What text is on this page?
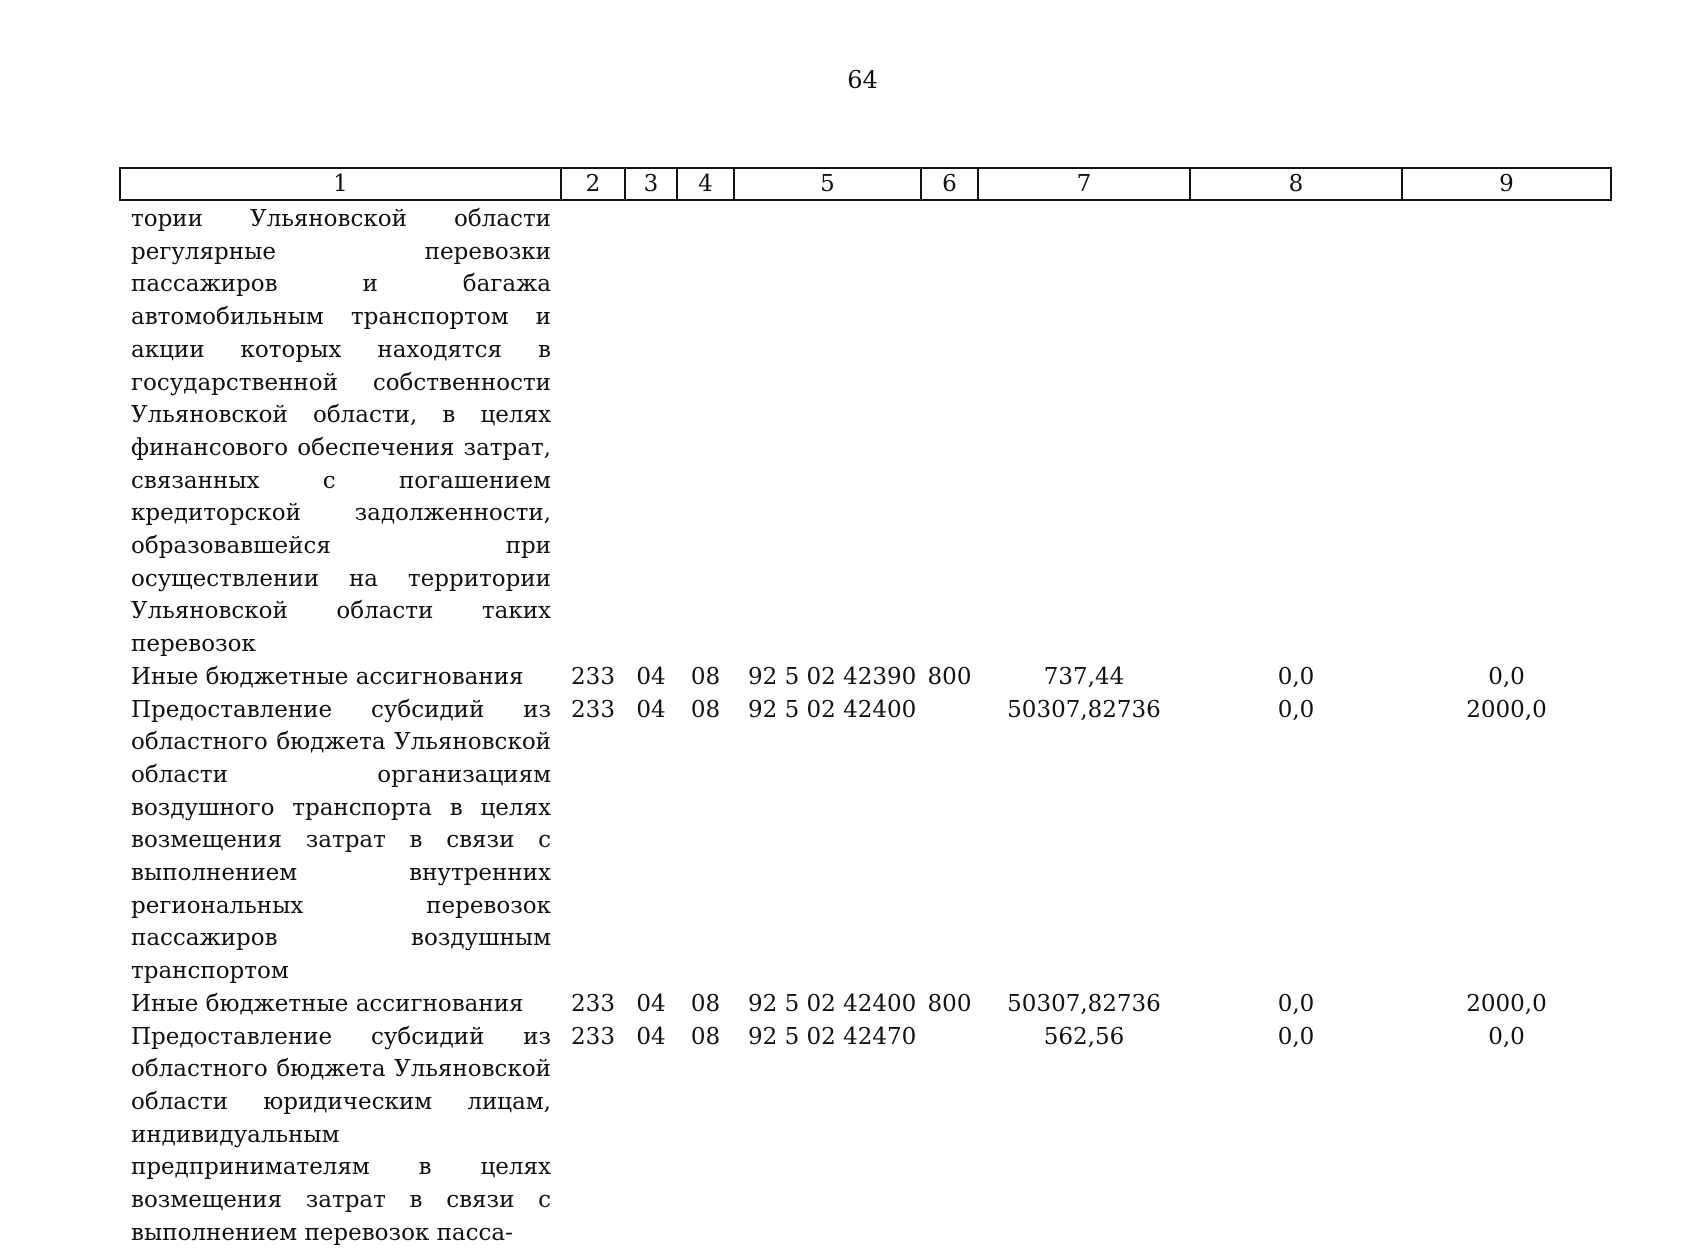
64
1	2	3	4	5	6	7	8	9
тории Ульяновской области регулярные перевозки пассажиров и багажа автомобильным транспортом и акции которых находятся в государственной собственности Ульяновской области, в целях финансового обеспечения затрат, связанных с погашением кредиторской задолженности, образовавшейся при осуществлении на территории Ульяновской области таких перевозок								
Иные бюджетные ассигнования	233	04	08	92 5 02 42390	800	737,44	0,0	0,0
Предоставление субсидий из областного бюджета Ульяновской области организациям воздушного транспорта в целях возмещения затрат в связи с выполнением внутренних региональных перевозок пассажиров воздушным транспортом	233	04	08	92 5 02 42400		50307,82736	0,0	2000,0
Иные бюджетные ассигнования	233	04	08	92 5 02 42400	800	50307,82736	0,0	2000,0
Предоставление субсидий из областного бюджета Ульяновской области юридическим лицам, индивидуальным предпринимателям в целях возмещения затрат в связи с выполнением перевозок пасса-	233	04	08	92 5 02 42470		562,56	0,0	0,0
